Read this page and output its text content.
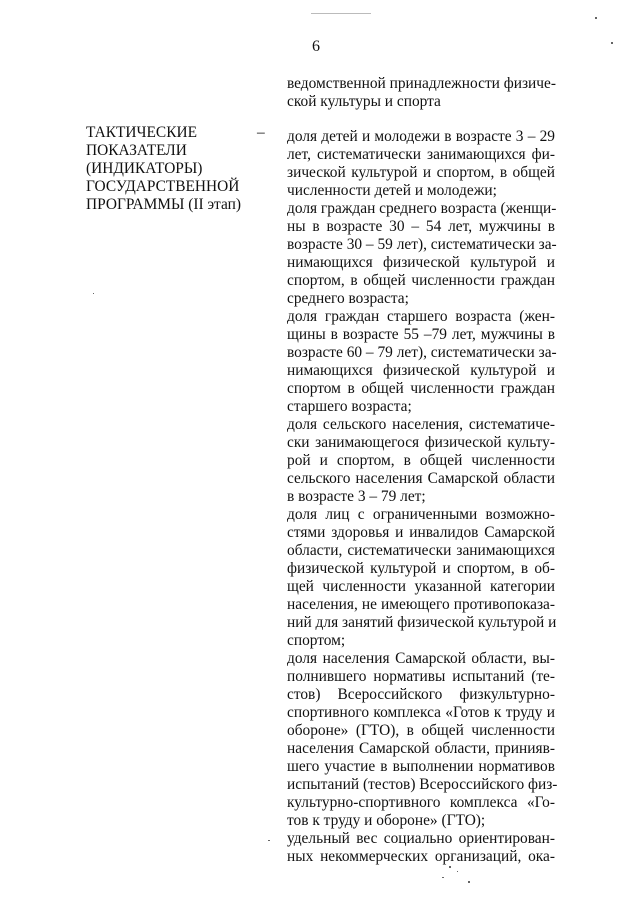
6
ТАКТИЧЕСКИЕ
ПОКАЗАТЕЛИ
(ИНДИКАТОРЫ)
ГОСУДАРСТВЕННОЙ
ПРОГРАММЫ (II этап)
–
ведомственной принадлежности физиче-
ской культуры и спорта
доля детей и молодежи в возрасте 3 – 29
лет, систематически занимающихся фи-
зической культурой и спортом, в общей
численности детей и молодежи;
доля граждан среднего возраста (женщи-
ны в возрасте 30 – 54 лет, мужчины в
возрасте 30 – 59 лет), систематически за-
нимающихся физической культурой и
спортом, в общей численности граждан
среднего возраста;
доля граждан старшего возраста (жен-
щины в возрасте 55 –79 лет, мужчины в
возрасте 60 – 79 лет), систематически за-
нимающихся физической культурой и
спортом в общей численности граждан
старшего возраста;
доля сельского населения, систематиче-
ски занимающегося физической культу-
рой и спортом, в общей численности
сельского населения Самарской области
в возрасте 3 – 79 лет;
доля лиц с ограниченными возможно-
стями здоровья и инвалидов Самарской
области, систематически занимающихся
физической культурой и спортом, в об-
щей численности указанной категории
населения, не имеющего противопоказа-
ний для занятий физической культурой и
спортом;
доля населения Самарской области, вы-
полнившего нормативы испытаний (те-
стов) Всероссийского физкультурно-
спортивного комплекса «Готов к труду и
обороне» (ГТО), в общей численности
населения Самарской области, принияв-
шего участие в выполнении нормативов
испытаний (тестов) Всероссийского физ-
культурно-спортивного комплекса «Го-
тов к труду и обороне» (ГТО);
удельный вес социально ориентирован-
ных некоммерческих организаций, ока-
